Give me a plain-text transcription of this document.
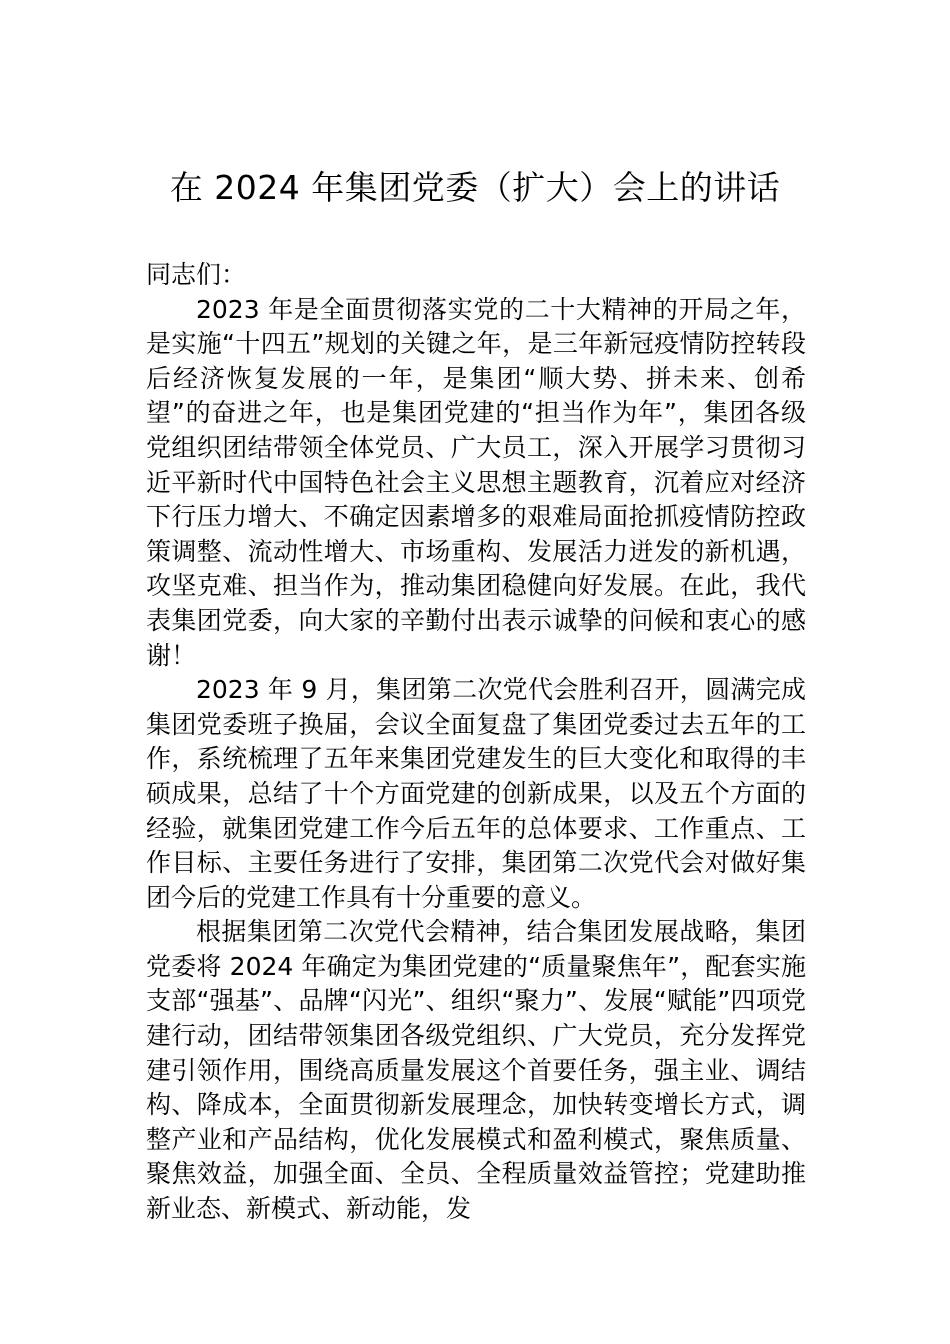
在 2024 年集团党委（扩大）会上的讲话

同志们：

2023 年是全面贯彻落实党的二十大精神的开局之年，是实施“十四五”规划的关键之年，是三年新冠疫情防控转段后经济恢复发展的一年，是集团“顺大势、拼未来、创希望”的奋进之年，也是集团党建的“担当作为年”，集团各级党组织团结带领全体党员、广大员工，深入开展学习贯彻习近平新时代中国特色社会主义思想主题教育，沉着应对经济下行压力增大、不确定因素增多的艰难局面抢抓疫情防控政策调整、流动性增大、市场重构、发展活力迸发的新机遇，攻坚克难、担当作为，推动集团稳健向好发展。在此，我代表集团党委，向大家的辛勤付出表示诚挚的问候和衷心的感谢！

2023 年 9 月，集团第二次党代会胜利召开，圆满完成集团党委班子换届，会议全面复盘了集团党委过去五年的工作，系统梳理了五年来集团党建发生的巨大变化和取得的丰硕成果，总结了十个方面党建的创新成果，以及五个方面的经验，就集团党建工作今后五年的总体要求、工作重点、工作目标、主要任务进行了安排，集团第二次党代会对做好集团今后的党建工作具有十分重要的意义。

根据集团第二次党代会精神，结合集团发展战略，集团党委将 2024 年确定为集团党建的“质量聚焦年”，配套实施支部“强基”、品牌“闪光”、组织“聚力”、发展“赋能”四项党建行动，团结带领集团各级党组织、广大党员，充分发挥党建引领作用，围绕高质量发展这个首要任务，强主业、调结构、降成本，全面贯彻新发展理念，加快转变增长方式，调整产业和产品结构，优化发展模式和盈利模式，聚焦质量、聚焦效益，加强全面、全员、全程质量效益管控；党建助推新业态、新模式、新动能，发
